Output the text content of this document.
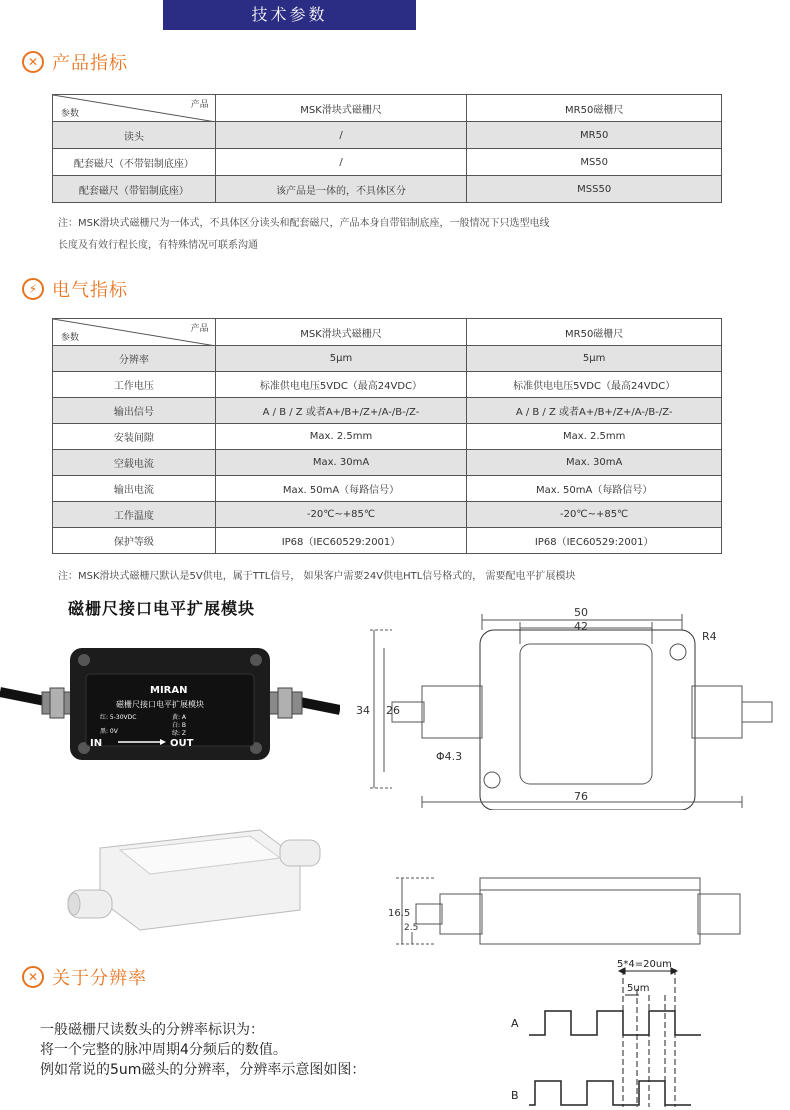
技术参数
✕ 产品指标
产品
参数	MSK滑块式磁栅尺	MR50磁栅尺
读头	/	MR50
配套磁尺（不带铝制底座）	/	MS50
配套磁尺（带铝制底座）	该产品是一体的，不具体区分	MSS50
注：MSK滑块式磁栅尺为一体式，不具体区分读头和配套磁尺，产品本身自带铝制底座，一般情况下只选型电线
长度及有效行程长度，有特殊情况可联系沟通
⚡ 电气指标
产品
参数	MSK滑块式磁栅尺	MR50磁栅尺
分辨率	5μm	5μm
工作电压	标准供电电压5VDC（最高24VDC）	标准供电电压5VDC（最高24VDC）
输出信号	A / B / Z 或者A+/B+/Z+/A-/B-/Z-	A / B / Z 或者A+/B+/Z+/A-/B-/Z-
安装间隙	Max. 2.5mm	Max. 2.5mm
空载电流	Max. 30mA	Max. 30mA
输出电流	Max. 50mA（每路信号）	Max. 50mA（每路信号）
工作温度	-20℃~+85℃	-20℃~+85℃
保护等级	IP68（IEC60529:2001）	IP68（IEC60529:2001）
注：MSK滑块式磁栅尺默认是5V供电，属于TTL信号， 如果客户需要24V供电HTL信号格式的， 需要配电平扩展模块
磁栅尺接口电平扩展模块
MIRAN
磁栅尺接口电平扩展模块
红: 5-30VDC	黄: A
白: B
黑: 0V	绿: Z
IN	OUT
50
42
R4
34 26
Φ4.3
76
16.5
2.5
✕ 关于分辨率
一般磁栅尺读数头的分辨率标识为：
将一个完整的脉冲周期4分频后的数值。
例如常说的5um磁头的分辨率，分辨率示意图如图：
5*4=20um
5um
A
B
